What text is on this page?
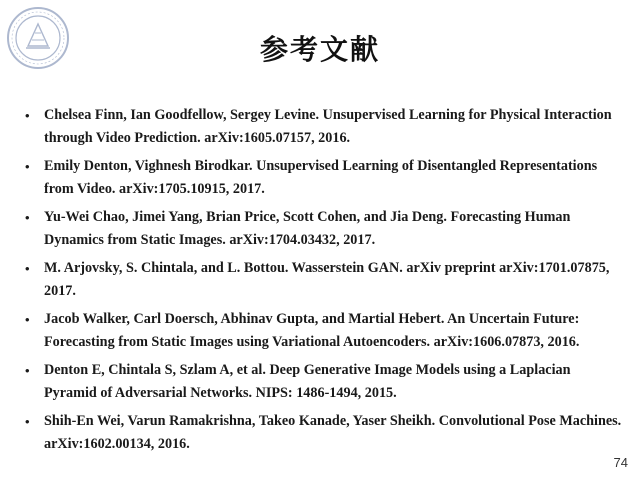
参考文献
• Chelsea Finn, Ian Goodfellow, Sergey Levine. Unsupervised Learning for Physical Interaction through Video Prediction. arXiv:1605.07157, 2016.
• Emily Denton, Vighnesh Birodkar. Unsupervised Learning of Disentangled Representations from Video. arXiv:1705.10915, 2017.
• Yu-Wei Chao, Jimei Yang, Brian Price, Scott Cohen, and Jia Deng. Forecasting Human Dynamics from Static Images. arXiv:1704.03432, 2017.
• M. Arjovsky, S. Chintala, and L. Bottou. Wasserstein GAN. arXiv preprint arXiv:1701.07875, 2017.
• Jacob Walker, Carl Doersch, Abhinav Gupta, and Martial Hebert. An Uncertain Future: Forecasting from Static Images using Variational Autoencoders. arXiv:1606.07873, 2016.
• Denton E, Chintala S, Szlam A, et al. Deep Generative Image Models using a Laplacian Pyramid of Adversarial Networks. NIPS: 1486-1494, 2015.
• Shih-En Wei, Varun Ramakrishna, Takeo Kanade, Yaser Sheikh. Convolutional Pose Machines. arXiv:1602.00134, 2016.
74
